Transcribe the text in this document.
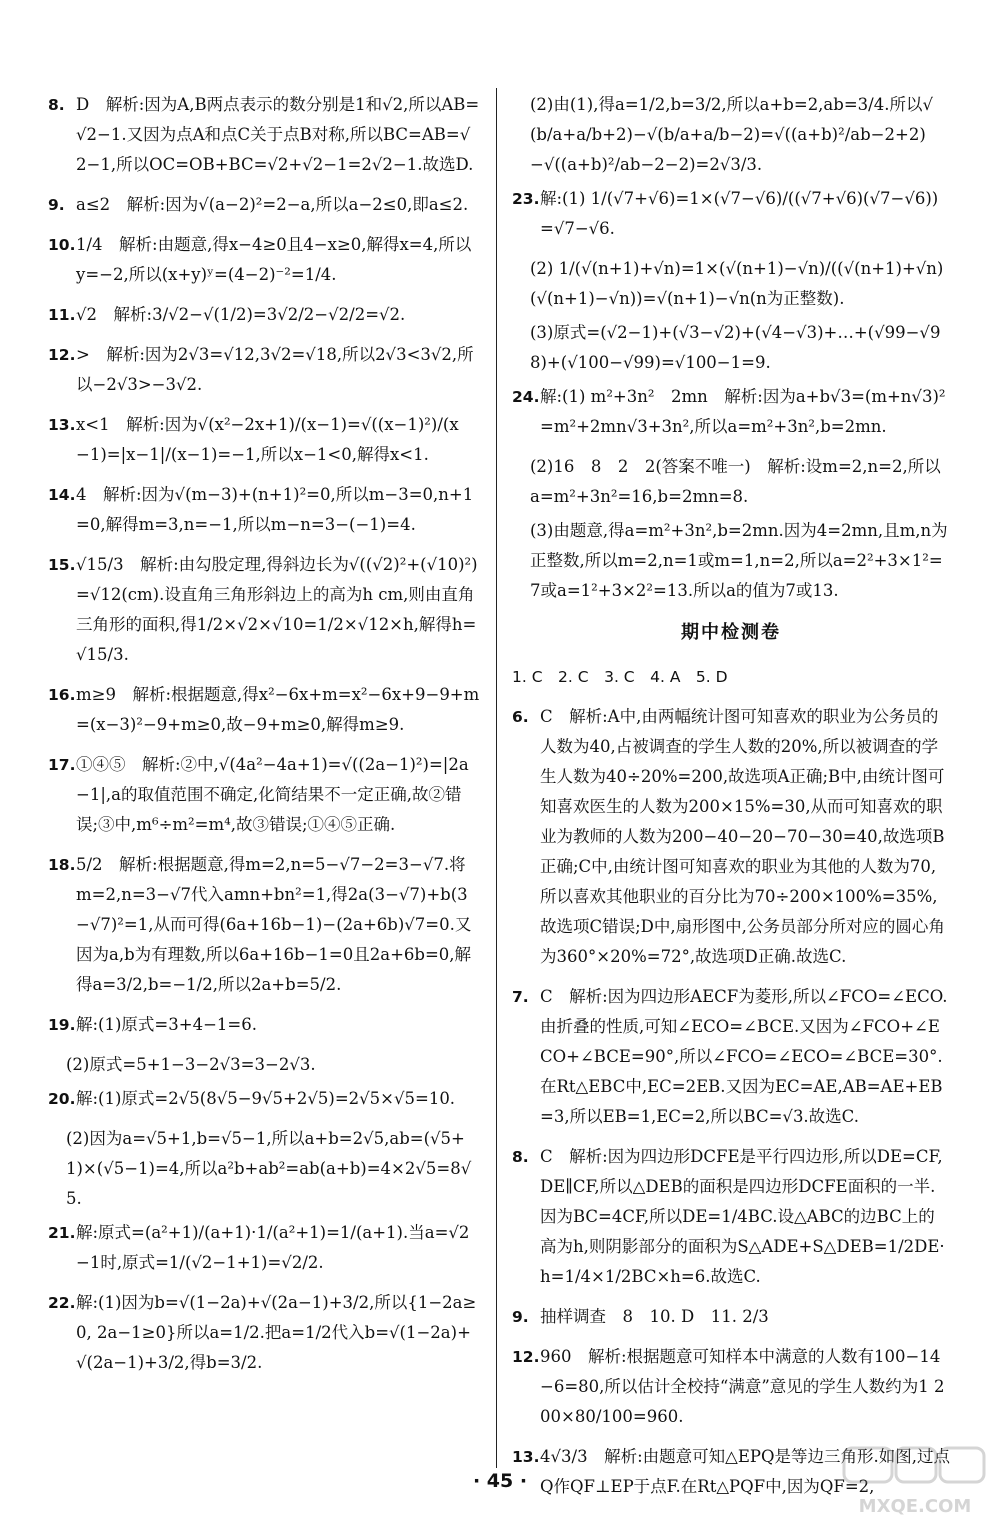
8. D　解析:因为A,B两点表示的数分别是1和√2,所以AB=√2−1.又因为点A和点C关于点B对称,所以BC=AB=√2−1,所以OC=OB+BC=√2+√2−1=2√2−1.故选D.
9. a≤2　解析:因为√(a−2)²=2−a,所以a−2≤0,即a≤2.
10. 1/4　解析:由题意,得x−4≥0且4−x≥0,解得x=4,所以y=−2,所以(x+y)ʸ=(4−2)⁻²=1/4.
11. √2　解析:3/√2−√(1/2)=3√2/2−√2/2=√2.
12. >　解析:因为2√3=√12,3√2=√18,所以2√3<3√2,所以−2√3>−3√2.
13. x<1　解析:因为√(x²−2x+1)/(x−1)=√((x−1)²)/(x−1)=|x−1|/(x−1)=−1,所以x−1<0,解得x<1.
14. 4　解析:因为√(m−3)+(n+1)²=0,所以m−3=0,n+1=0,解得m=3,n=−1,所以m−n=3−(−1)=4.
15. √15/3　解析:由勾股定理,得斜边长为√((√2)²+(√10)²)=√12(cm).设直角三角形斜边上的高为h cm,则由直角三角形的面积,得1/2×√2×√10=1/2×√12×h,解得h=√15/3.
16. m≥9　解析:根据题意,得x²−6x+m=x²−6x+9−9+m=(x−3)²−9+m≥0,故−9+m≥0,解得m≥9.
17. ①④⑤　解析:②中,√(4a²−4a+1)=√((2a−1)²)=|2a−1|,a的取值范围不确定,化简结果不一定正确,故②错误;③中,m⁶÷m²=m⁴,故③错误;①④⑤正确.
18. 5/2　解析:根据题意,得m=2,n=5−√7−2=3−√7.将m=2,n=3−√7代入amn+bn²=1,得2a(3−√7)+b(3−√7)²=1,从而可得(6a+16b−1)−(2a+6b)√7=0.又因为a,b为有理数,所以6a+16b−1=0且2a+6b=0,解得a=3/2,b=−1/2,所以2a+b=5/2.
19. 解:(1)原式=3+4−1=6.
(2)原式=5+1−3−2√3=3−2√3.
20. 解:(1)原式=2√5(8√5−9√5+2√5)=2√5×√5=10.
(2)因为a=√5+1,b=√5−1,所以a+b=2√5,ab=(√5+1)×(√5−1)=4,所以a²b+ab²=ab(a+b)=4×2√5=8√5.
21. 解:原式=(a²+1)/(a+1)·1/(a²+1)=1/(a+1).当a=√2−1时,原式=1/(√2−1+1)=√2/2.
22. 解:(1)因为b=√(1−2a)+√(2a−1)+3/2,所以{1−2a≥0, 2a−1≥0}所以a=1/2.把a=1/2代入b=√(1−2a)+√(2a−1)+3/2,得b=3/2.
(2)由(1),得a=1/2,b=3/2,所以a+b=2,ab=3/4.所以√(b/a+a/b+2)−√(b/a+a/b−2)=√((a+b)²/ab−2+2)−√((a+b)²/ab−2−2)=2√3/3.
23. 解:(1) 1/(√7+√6)=1×(√7−√6)/((√7+√6)(√7−√6))=√7−√6.
(2) 1/(√(n+1)+√n)=1×(√(n+1)−√n)/((√(n+1)+√n)(√(n+1)−√n))=√(n+1)−√n(n为正整数).
(3)原式=(√2−1)+(√3−√2)+(√4−√3)+…+(√99−√98)+(√100−√99)=√100−1=9.
24. 解:(1) m²+3n²　2mn　解析:因为a+b√3=(m+n√3)²=m²+2mn√3+3n²,所以a=m²+3n²,b=2mn.
(2)16　8　2　2(答案不唯一)　解析:设m=2,n=2,所以a=m²+3n²=16,b=2mn=8.
(3)由题意,得a=m²+3n²,b=2mn.因为4=2mn,且m,n为正整数,所以m=2,n=1或m=1,n=2,所以a=2²+3×1²=7或a=1²+3×2²=13.所以a的值为7或13.
期中检测卷
1. C　2. C　3. C　4. A　5. D
6. C　解析:A中,由两幅统计图可知喜欢的职业为公务员的人数为40,占被调查的学生人数的20%,所以被调查的学生人数为40÷20%=200,故选项A正确;B中,由统计图可知喜欢医生的人数为200×15%=30,从而可知喜欢的职业为教师的人数为200−40−20−70−30=40,故选项B正确;C中,由统计图可知喜欢的职业为其他的人数为70,所以喜欢其他职业的百分比为70÷200×100%=35%,故选项C错误;D中,扇形图中,公务员部分所对应的圆心角为360°×20%=72°,故选项D正确.故选C.
7. C　解析:因为四边形AECF为菱形,所以∠FCO=∠ECO.由折叠的性质,可知∠ECO=∠BCE.又因为∠FCO+∠ECO+∠BCE=90°,所以∠FCO=∠ECO=∠BCE=30°.在Rt△EBC中,EC=2EB.又因为EC=AE,AB=AE+EB=3,所以EB=1,EC=2,所以BC=√3.故选C.
8. C　解析:因为四边形DCFE是平行四边形,所以DE=CF,DE∥CF,所以△DEB的面积是四边形DCFE面积的一半.因为BC=4CF,所以DE=1/4BC.设△ABC的边BC上的高为h,则阴影部分的面积为S△ADE+S△DEB=1/2DE·h=1/4×1/2BC×h=6.故选C.
9. 抽样调查　8　10. D　11. 2/3
12. 960　解析:根据题意可知样本中满意的人数有100−14−6=80,所以估计全校持“满意”意见的学生人数约为1 200×80/100=960.
13. 4√3/3　解析:由题意可知△EPQ是等边三角形.如图,过点Q作QF⊥EP于点F.在Rt△PQF中,因为QF=2,
· 45 ·
MXQE.COM
